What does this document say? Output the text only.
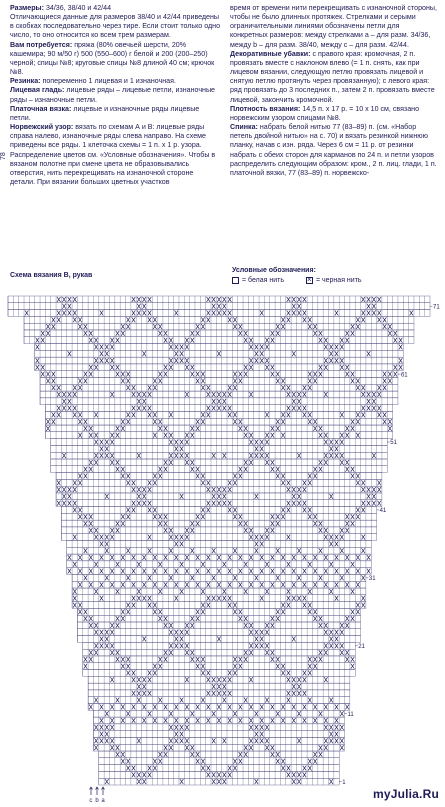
78
Размеры: 34/36, 38/40 и 42/44
Отличающиеся данные для размеров 38/40 и 42/44 приведены в скобках последовательно через тире. Если стоит только одно число, то оно относится ко всем трем размерам.
Вам потребуется: пряжа (80% овечьей шерсти, 20% кашемира; 90 м/50 г) 500 (550–600) г белой и 200 (200–250) черной; спицы №8; круговые спицы №8 длиной 40 см; крючок №8.
Резинка: попеременно 1 лицевая и 1 изнаночная.
Лицевая гладь: лицевые ряды – лицевые петли, изнаночные ряды – изнаночные петли.
Платочная вязка: лицевые и изнаночные ряды лицевые петли.
Норвежский узор: вязать по схемам А и В: лицевые ряды справа налево, изнаночные ряды слева направо. На схеме приведены все ряды. 1 клеточка схемы = 1 п. х 1 р. узора. Распределение цветов см. «Условные обозначения». Чтобы в вязаном полотне при смене цвета не образовывались отверстия, нить перекрещивать на изнаночной стороне детали. При вязании больших цветных участков
время от времени нити перекрещивать с изнаночной стороны, чтобы не было длинных протяжек. Стрелками и серыми ограничительными линиями обозначены петли для конкретных размеров: между стрелками а – для разм. 34/36, между b – для разм. 38/40, между с – для разм. 42/44.
Декоративные убавки: с правого края: кромочная, 2 п. провязать вместе с наклоном влево (= 1 п. снять, как при лицевом вязании, следующую петлю провязать лицевой и снятую петлю протянуть через провязанную); с левого края: ряд провязать до 3 последних п., затем 2 п. провязать вместе лицевой, закончить кромочной.
Плотность вязания: 14,5 п. х 17 р. = 10 х 10 см, связано норвежским узором спицами №8.
Спинка: набрать белой нитью 77 (83–89) п. (см. «Набор петель двойной нитью» на с. 70) и вязать резинкой нижнюю планку, начав с изн. ряда. Через 6 см = 11 р. от резинки набрать с обеих сторон для карманов по 24 п. и петли узоров распределить следующим образом: кром., 2 п. лиц. глади, 1 п. платочной вязки, 77 (83–89) п. норвежско-
Схема вязания В, рукав
Условные обозначения:
= белая нить
×	= черная нить
71
61
51
41
31
21
11
1
c b a	myJulia.Ru
